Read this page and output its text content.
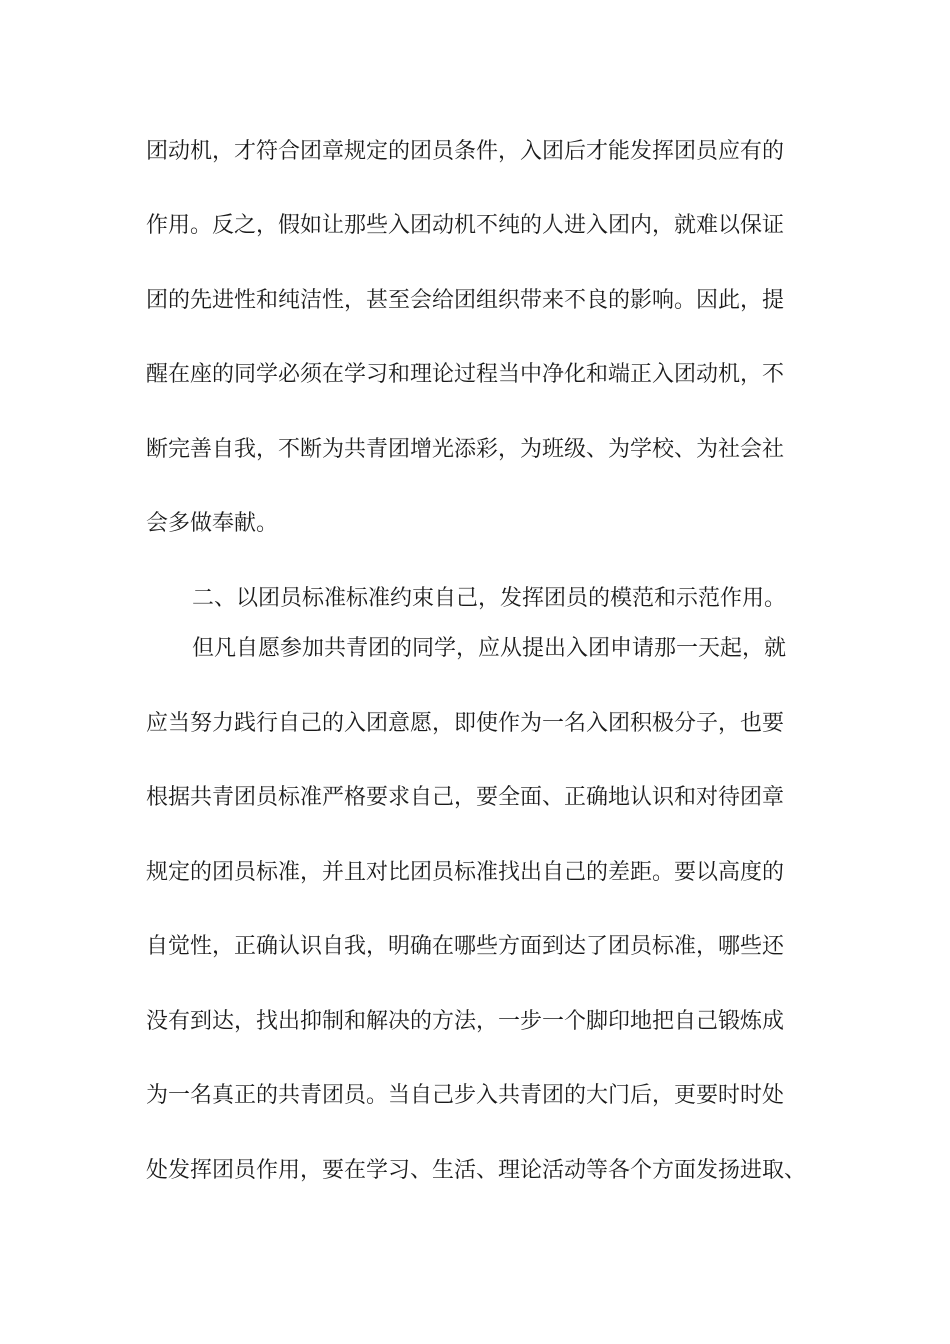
团动机，才符合团章规定的团员条件，入团后才能发挥团员应有的
作用。反之，假如让那些入团动机不纯的人进入团内，就难以保证
团的先进性和纯洁性，甚至会给团组织带来不良的影响。因此，提
醒在座的同学必须在学习和理论过程当中净化和端正入团动机，不
断完善自我，不断为共青团增光添彩，为班级、为学校、为社会社
会多做奉献。
二、以团员标准标准约束自己，发挥团员的模范和示范作用。
但凡自愿参加共青团的同学，应从提出入团申请那一天起，就
应当努力践行自己的入团意愿，即使作为一名入团积极分子，也要
根据共青团员标准严格要求自己，要全面、正确地认识和对待团章
规定的团员标准，并且对比团员标准找出自己的差距。要以高度的
自觉性，正确认识自我，明确在哪些方面到达了团员标准，哪些还
没有到达，找出抑制和解决的方法，一步一个脚印地把自己锻炼成
为一名真正的共青团员。当自己步入共青团的大门后，更要时时处
处发挥团员作用，要在学习、生活、理论活动等各个方面发扬进取、
